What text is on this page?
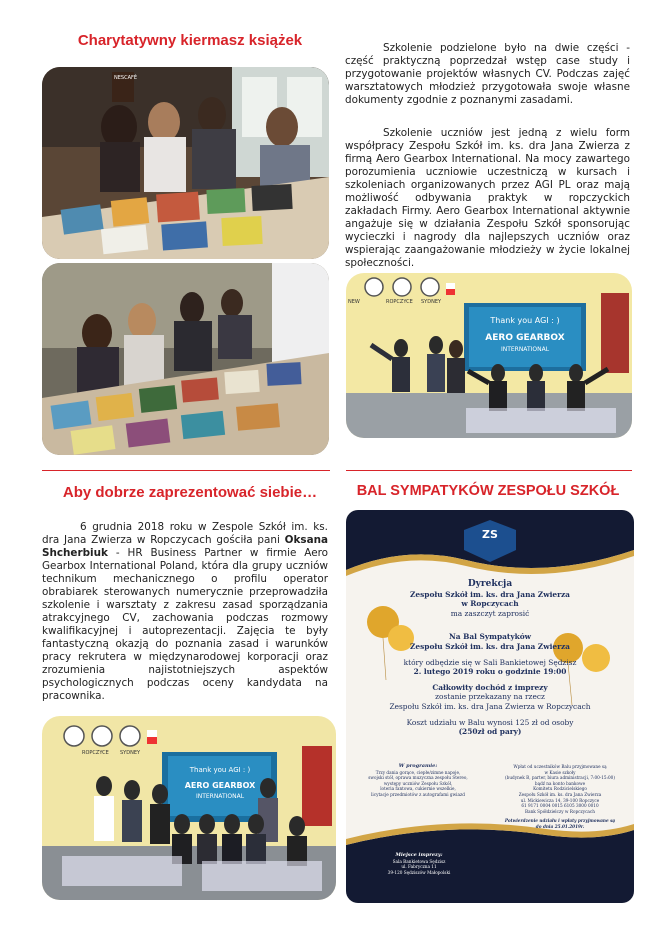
Charytatywny kiermasz książek
NESCAFÉ
Aby dobrze zaprezentować siebie…

6 grudnia 2018 roku w Zespole Szkół im. ks. dra Jana Zwierza w Ropczycach gościła pani Oksana Shcherbiuk - HR Business Partner w firmie Aero Gearbox International Poland, która dla grupy uczniów technikum mechanicznego o profilu operator obrabiarek sterowanych numerycznie przeprowadziła szkolenie i warsztaty z zakresu zasad sporządzania atrakcyjnego CV, zachowania podczas rozmowy kwalifikacyjnej i autoprezentacji. Zajęcia te były fantastyczną okazją do poznania zasad i warunków pracy rekrutera w międzynarodowej korporacji oraz zrozumienia najistotniejszych aspektów psychologicznych podczas oceny kandydata na pracownika.

ROPCZYCE SYDNEY
Thank you AGI : )
AERO GEARBOX
INTERNATIONAL

Szkolenie podzielone było na dwie części - część praktyczną poprzedzał wstęp case study i przygotowanie projektów własnych CV. Podczas zajęć warsztatowych młodzież przygotowała swoje własne dokumenty zgodnie z poznanymi zasadami.

Szkolenie uczniów jest jedną z wielu form współpracy Zespołu Szkół im. ks. dra Jana Zwierza z firmą Aero Gearbox International. Na mocy zawartego porozumienia uczniowie uczestniczą w kursach i szkoleniach organizowanych przez AGI PL oraz mają możliwość odbywania praktyk w ropczyckich zakładach Firmy. Aero Gearbox International aktywnie angażuje się w działania Zespołu Szkół sponsorując wycieczki i nagrody dla najlepszych uczniów oraz wspierając zaangażowanie młodzieży w życie lokalnej społeczności.

NEW	ROPCZYCE SYDNEY
Thank you AGI : )
AERO GEARBOX
INTERNATIONAL
BAL SYMPATYKÓW ZESPOŁU SZKÓŁ
ZS
Dyrekcja
Zespołu Szkół im. ks. dra Jana Zwierza
w Ropczycach
ma zaszczyt zaprosić
Na Bal Sympatyków
Zespołu Szkół im. ks. dra Jana Zwierza
który odbędzie się w Sali Bankietowej Sędzisz
2. lutego 2019 roku o godzinie 19:00
Całkowity dochód z imprezy
zostanie przekazany na rzecz
Zespołu Szkół im. ks. dra Jana Zwierza w Ropczycach
Koszt udziału w Balu wynosi 125 zł od osoby
(250zł od pary)
W programie:
Trzy dania gorące, ciepłe/zimne napoje,
swojski stół, oprawa muzyczna zespołu Stereo,
występy uczniów Zespołu Szkół,
loteria fantowa, cukiernie wszelkie,
licytacje przedmiotów z autografami gwiazd
Wpłat od uczestników Balu przyjmowane są
w Kasie szkoły
(budynek B, parter, biura administracji, 7:00-15:00)
bądź na konto bankowe
Komitetu Rodzicielskiego
Zespołu Szkół im. ks. dra Jana Zwierza
ul. Mickiewicza 14, 39-100 Ropczyce
61 9171 0004 0015 6105 3000 0010
Bank Spółdzielczy w Ropczycach
Potwierdzenie udziału i wpłaty przyjmowane są
do dnia 25.01.2019r.
Miejsce imprezy:
Sala Bankietowa Sędzisz
ul. Fabryczna 11
39-120 Sędziszów Małopolski
